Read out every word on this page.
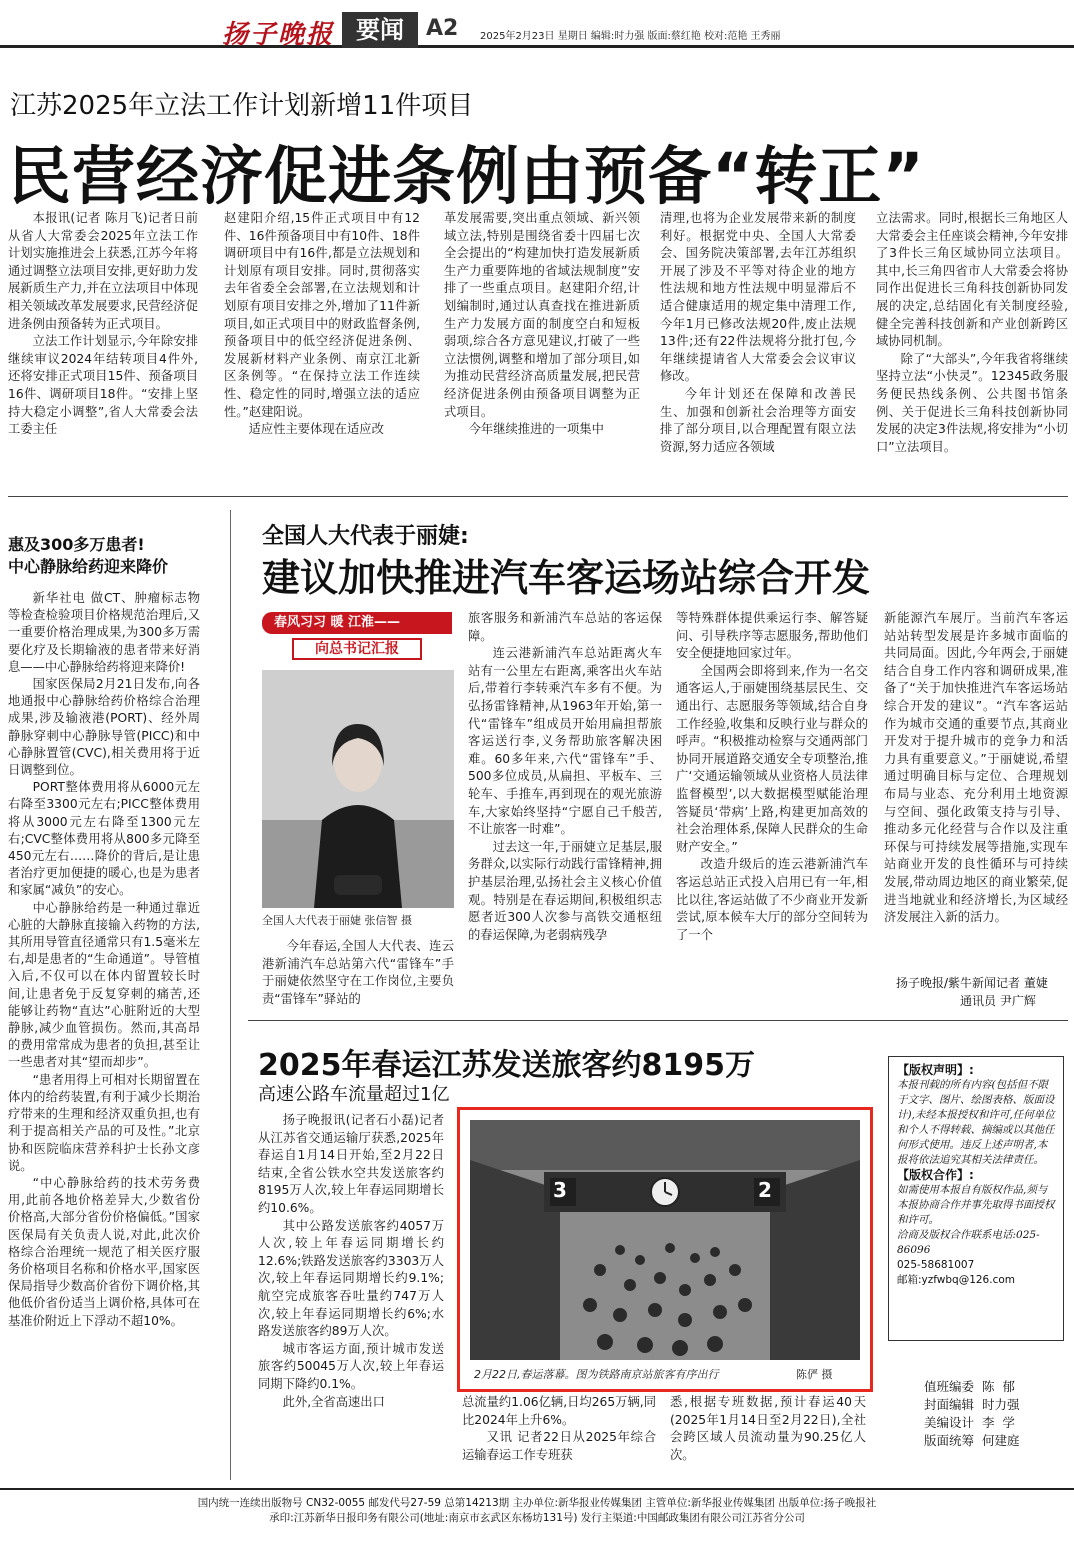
扬子晚报 要闻	A2 2025年2月23日 星期日 编辑:时力强 版面:蔡红艳 校对:范艳 王秀丽
江苏2025年立法工作计划新增11件项目
民营经济促进条例由预备“转正”

本报讯(记者 陈月飞)记者日前从省人大常委会2025年立法工作计划实施推进会上获悉,江苏今年将通过调整立法项目安排,更好助力发展新质生产力,并在立法项目中体现相关领域改革发展要求,民营经济促进条例由预备转为正式项目。

立法工作计划显示,今年除安排继续审议2024年结转项目4件外,还将安排正式项目15件、预备项目16件、调研项目18件。“安排上坚持大稳定小调整”,省人大常委会法工委主任

赵建阳介绍,15件正式项目中有12件、16件预备项目中有10件、18件调研项目中有16件,都是立法规划和计划原有项目安排。同时,贯彻落实去年省委全会部署,在立法规划和计划原有项目安排之外,增加了11件新项目,如正式项目中的财政监督条例,预备项目中的低空经济促进条例、发展新材料产业条例、南京江北新区条例等。“在保持立法工作连续性、稳定性的同时,增强立法的适应性。”赵建阳说。

适应性主要体现在适应改

革发展需要,突出重点领域、新兴领域立法,特别是围绕省委十四届七次全会提出的“构建加快打造发展新质生产力重要阵地的省域法规制度”安排了一些重点项目。赵建阳介绍,计划编制时,通过认真查找在推进新质生产力发展方面的制度空白和短板弱项,综合各方意见建议,打破了一些立法惯例,调整和增加了部分项目,如为推动民营经济高质量发展,把民营经济促进条例由预备项目调整为正式项目。

今年继续推进的一项集中

清理,也将为企业发展带来新的制度利好。根据党中央、全国人大常委会、国务院决策部署,去年江苏组织开展了涉及不平等对待企业的地方性法规和地方性法规中明显滞后不适合健康适用的规定集中清理工作,今年1月已修改法规20件,废止法规13件;还有22件法规将分批打包,今年继续提请省人大常委会会议审议修改。

今年计划还在保障和改善民生、加强和创新社会治理等方面安排了部分项目,以合理配置有限立法资源,努力适应各领域

立法需求。同时,根据长三角地区人大常委会主任座谈会精神,今年安排了3件长三角区域协同立法项目。其中,长三角四省市人大常委会将协同作出促进长三角科技创新协同发展的决定,总结固化有关制度经验,健全完善科技创新和产业创新跨区域协同机制。

除了“大部头”,今年我省将继续坚持立法“小快灵”。12345政务服务便民热线条例、公共图书馆条例、关于促进长三角科技创新协同发展的决定3件法规,将安排为“小切口”立法项目。

惠及300多万患者!
中心静脉给药迎来降价

新华社电 做CT、肿瘤标志物等检查检验项目价格规范治理后,又一重要价格治理成果,为300多万需要化疗及长期输液的患者带来好消息——中心静脉给药将迎来降价!

国家医保局2月21日发布,向各地通报中心静脉给药价格综合治理成果,涉及输液港(PORT)、经外周静脉穿刺中心静脉导管(PICC)和中心静脉置管(CVC),相关费用将于近日调整到位。

PORT整体费用将从6000元左右降至3300元左右;PICC整体费用将从3000元左右降至1300元左右;CVC整体费用将从800多元降至450元左右……降价的背后,是让患者治疗更加便捷的暖心,也是为患者和家属“减负”的安心。

中心静脉给药是一种通过靠近心脏的大静脉直接输入药物的方法,其所用导管直径通常只有1.5毫米左右,却是患者的“生命通道”。导管植入后,不仅可以在体内留置较长时间,让患者免于反复穿刺的痛苦,还能够让药物“直达”心脏附近的大型静脉,减少血管损伤。然而,其高昂的费用常常成为患者的负担,甚至让一些患者对其“望而却步”。

“患者用得上可相对长期留置在体内的给药装置,有利于减少长期治疗带来的生理和经济双重负担,也有利于提高相关产品的可及性。”北京协和医院临床营养科护士长孙文彦说。

“中心静脉给药的技术劳务费用,此前各地价格差异大,少数省份价格高,大部分省份价格偏低。”国家医保局有关负责人说,对此,此次价格综合治理统一规范了相关医疗服务价格项目名称和价格水平,国家医保局指导少数高价省份下调价格,其他低价省份适当上调价格,具体可在基准价附近上下浮动不超10%。

全国人大代表于丽婕:
建议加快推进汽车客运场站综合开发
春风习习 暖 江淮——
向总书记汇报
全国人大代表于丽婕 张信智 摄

今年春运,全国人大代表、连云港新浦汽车总站第六代“雷锋车”手于丽婕依然坚守在工作岗位,主要负责“雷锋车”驿站的

旅客服务和新浦汽车总站的客运保障。

连云港新浦汽车总站距离火车站有一公里左右距离,乘客出火车站后,带着行李转乘汽车多有不便。为弘扬雷锋精神,从1963年开始,第一代“雷锋车”组成员开始用扁担帮旅客运送行李,义务帮助旅客解决困难。60多年来,六代“雷锋车”手、500多位成员,从扁担、平板车、三轮车、手推车,再到现在的观光旅游车,大家始终坚持“宁愿自己千般苦,不让旅客一时难”。

过去这一年,于丽婕立足基层,服务群众,以实际行动践行雷锋精神,拥护基层治理,弘扬社会主义核心价值观。特别是在春运期间,积极组织志愿者近300人次参与高铁交通枢纽的春运保障,为老弱病残孕

等特殊群体提供乘运行李、解答疑问、引导秩序等志愿服务,帮助他们安全便捷地回家过年。

全国两会即将到来,作为一名交通客运人,于丽婕围绕基层民生、交通出行、志愿服务等领域,结合自身工作经验,收集和反映行业与群众的呼声。“积极推动检察与交通两部门协同开展道路交通安全专项整治,推广‘交通运输领域从业资格人员法律监督模型’,以大数据模型赋能治理答疑员‘带病’上路,构建更加高效的社会治理体系,保障人民群众的生命财产安全。”

改造升级后的连云港新浦汽车客运总站正式投入启用已有一年,相比以往,客运站做了不少商业开发新尝试,原本候车大厅的部分空间转为了一个

新能源汽车展厅。当前汽车客运站站转型发展是许多城市面临的共同局面。因此,今年两会,于丽婕结合自身工作内容和调研成果,准备了“关于加快推进汽车客运场站综合开发的建议”。“汽车客运站作为城市交通的重要节点,其商业开发对于提升城市的竞争力和活力具有重要意义。”于丽婕说,希望通过明确目标与定位、合理规划布局与业态、充分利用土地资源与空间、强化政策支持与引导、推动多元化经营与合作以及注重环保与可持续发展等措施,实现车站商业开发的良性循环与可持续发展,带动周边地区的商业繁荣,促进当地就业和经济增长,为区域经济发展注入新的活力。

扬子晚报/紫牛新闻记者 董婕
通讯员 尹广辉
2025年春运江苏发送旅客约8195万
高速公路车流量超过1亿

扬子晚报讯(记者石小磊)记者从江苏省交通运输厅获悉,2025年春运自1月14日开始,至2月22日结束,全省公铁水空共发送旅客约8195万人次,较上年春运同期增长约10.6%。

其中公路发送旅客约4057万人次,较上年春运同期增长约12.6%;铁路发送旅客约3303万人次,较上年春运同期增长约9.1%;航空完成旅客吞吐量约747万人次,较上年春运同期增长约6%;水路发送旅客约89万人次。

城市客运方面,预计城市发送旅客约50045万人次,较上年春运同期下降约0.1%。

此外,全省高速出口	总流量约1.06亿辆,日均265万辆,同比2024年上升6%。

又讯 记者22日从2025年综合运输春运工作专班获

悉,根据专班数据,预计春运40天(2025年1月14日至2月22日),全社会跨区域人员流动量为90.25亿人次。

3	2
2月22日,春运落幕。图为铁路南京站旅客有序出行	陈俨 摄
【版权声明】:
本报刊载的所有内容(包括但不限于文字、图片、绘图表格、版面设计),未经本报授权和许可,任何单位和个人不得转载、摘编或以其他任何形式使用。违反上述声明者,本报将依法追究其相关法律责任。
【版权合作】:
如需使用本报自有版权作品,须与本报协商合作并事先取得书面授权和许可。
洽商及版权合作联系电话:025-86096
025-58681007
邮箱:yzfwbq@126.com
值班编委  陈  郁
封面编辑  时力强
美编设计  李  学
版面统筹  何建庭
国内统一连续出版物号 CN32-0055 邮发代号27-59 总第14213期 主办单位:新华报业传媒集团 主管单位:新华报业传媒集团 出版单位:扬子晚报社
承印:江苏新华日报印务有限公司(地址:南京市玄武区东杨坊131号) 发行主渠道:中国邮政集团有限公司江苏省分公司
